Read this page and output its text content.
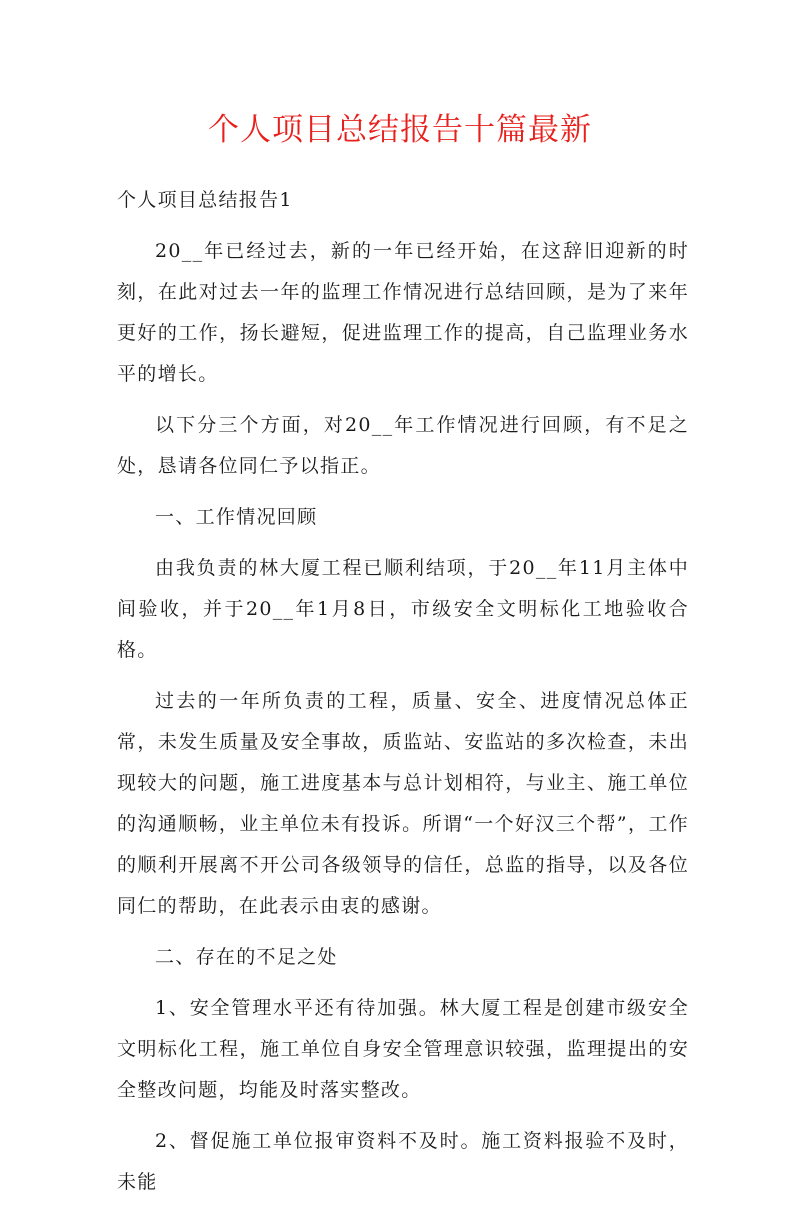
个人项目总结报告十篇最新

个人项目总结报告1

20__年已经过去，新的一年已经开始，在这辞旧迎新的时刻，在此对过去一年的监理工作情况进行总结回顾，是为了来年更好的工作，扬长避短，促进监理工作的提高，自己监理业务水平的增长。

以下分三个方面，对20__年工作情况进行回顾，有不足之处，恳请各位同仁予以指正。

一、工作情况回顾

由我负责的林大厦工程已顺利结项，于20__年11月主体中间验收，并于20__年1月8日，市级安全文明标化工地验收合格。

过去的一年所负责的工程，质量、安全、进度情况总体正常，未发生质量及安全事故，质监站、安监站的多次检查，未出现较大的问题，施工进度基本与总计划相符，与业主、施工单位的沟通顺畅，业主单位未有投诉。所谓“一个好汉三个帮”，工作的顺利开展离不开公司各级领导的信任，总监的指导，以及各位同仁的帮助，在此表示由衷的感谢。

二、存在的不足之处

1、安全管理水平还有待加强。林大厦工程是创建市级安全文明标化工程，施工单位自身安全管理意识较强，监理提出的安全整改问题，均能及时落实整改。

2、督促施工单位报审资料不及时。施工资料报验不及时，未能
